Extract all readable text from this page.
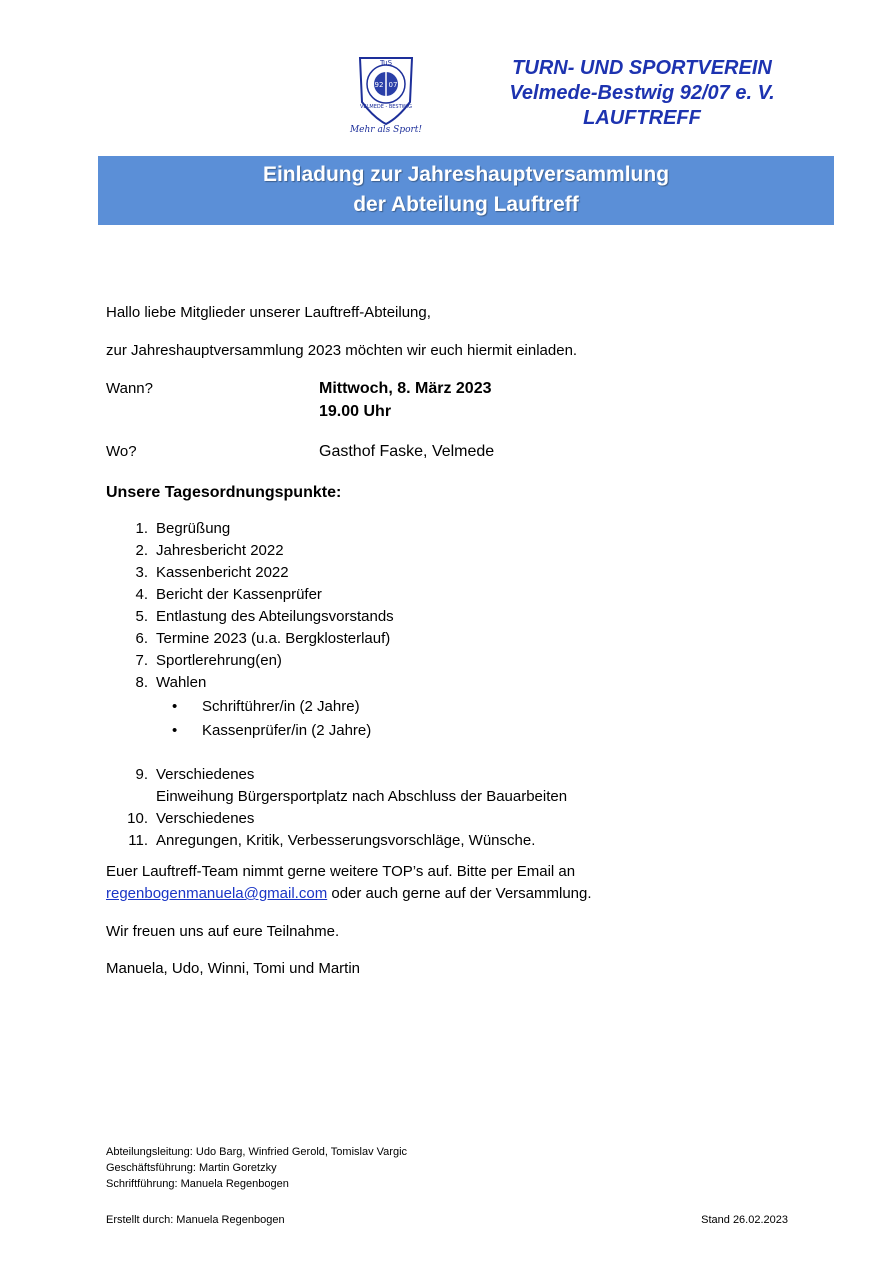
92 07
TuS
VELMEDE - BESTWIG
Mehr als Sport!
TURN- UND SPORTVEREIN
Velmede-Bestwig 92/07 e. V.
LAUFTREFF
Einladung zur Jahreshauptversammlung
der Abteilung Lauftreff
Hallo liebe Mitglieder unserer Lauftreff-Abteilung,
zur Jahreshauptversammlung 2023 möchten wir euch hiermit einladen.
Wann?	Mittwoch, 8. März 2023
19.00 Uhr
Wo?	Gasthof Faske, Velmede
Unsere Tagesordnungspunkte:
1. Begrüßung
2. Jahresbericht 2022
3. Kassenbericht 2022
4. Bericht der Kassenprüfer
5. Entlastung des Abteilungsvorstands
6. Termine 2023 (u.a. Bergklosterlauf)
7. Sportlerehrung(en)
8. Wahlen
• Schriftührer/in (2 Jahre)
• Kassenprüfer/in (2 Jahre)
9. Verschiedenes
Einweihung Bürgersportplatz nach Abschluss der Bauarbeiten
10. Verschiedenes
11. Anregungen, Kritik, Verbesserungsvorschläge, Wünsche.
Euer Lauftreff-Team nimmt gerne weitere TOP’s auf. Bitte per Email an
regenbogenmanuela@gmail.com oder auch gerne auf der Versammlung.
Wir freuen uns auf eure Teilnahme.
Manuela, Udo, Winni, Tomi und Martin
Abteilungsleitung: Udo Barg, Winfried Gerold, Tomislav Vargic
Geschäftsführung: Martin Goretzky
Schriftführung: Manuela Regenbogen
Erstellt durch: Manuela Regenbogen	Stand 26.02.2023
